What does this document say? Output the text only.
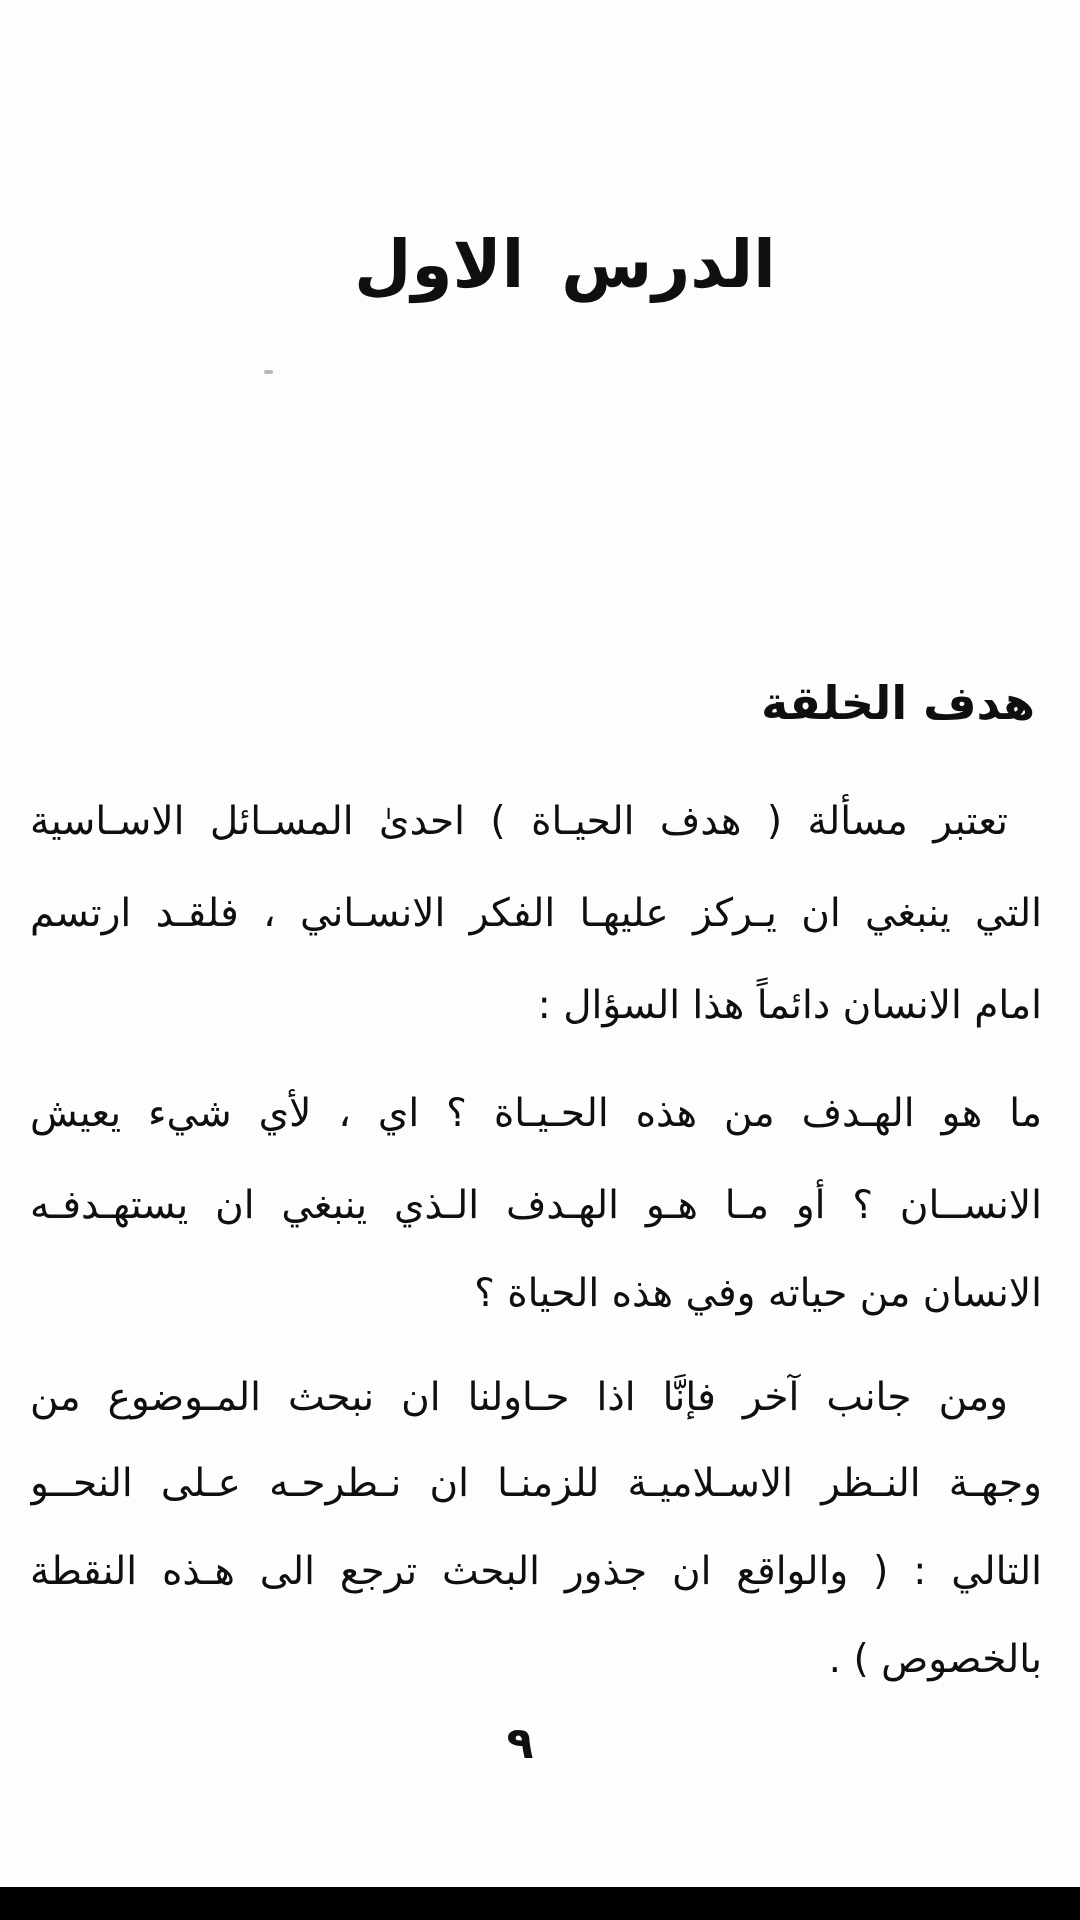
الدرس الاول
هدف الخلقة
تعتبر مسألة ( هدف الحيـاة ) احدىٰ المسـائل الاسـاسية
التي ينبغي ان يـركز عليهـا الفكر الانسـاني ، فلقـد ارتسم
امام الانسان دائماً هذا السؤال :
ما هو الهـدف من هذه الحـيـاة ؟ اي ، لأي شيء يعيش
الانســان ؟ أو مـا هـو الهـدف الـذي ينبغي ان يستهـدفـه
الانسان من حياته وفي هذه الحياة ؟
ومن جانب آخر فإنَّا اذا حـاولنا ان نبحث المـوضوع من
وجهـة النـظر الاسـلاميـة للزمنـا ان نـطرحـه عـلى النحــو
التالي : ( والواقع ان جذور البحث ترجع الى هـذه النقطة
بالخصوص ) .
٩
